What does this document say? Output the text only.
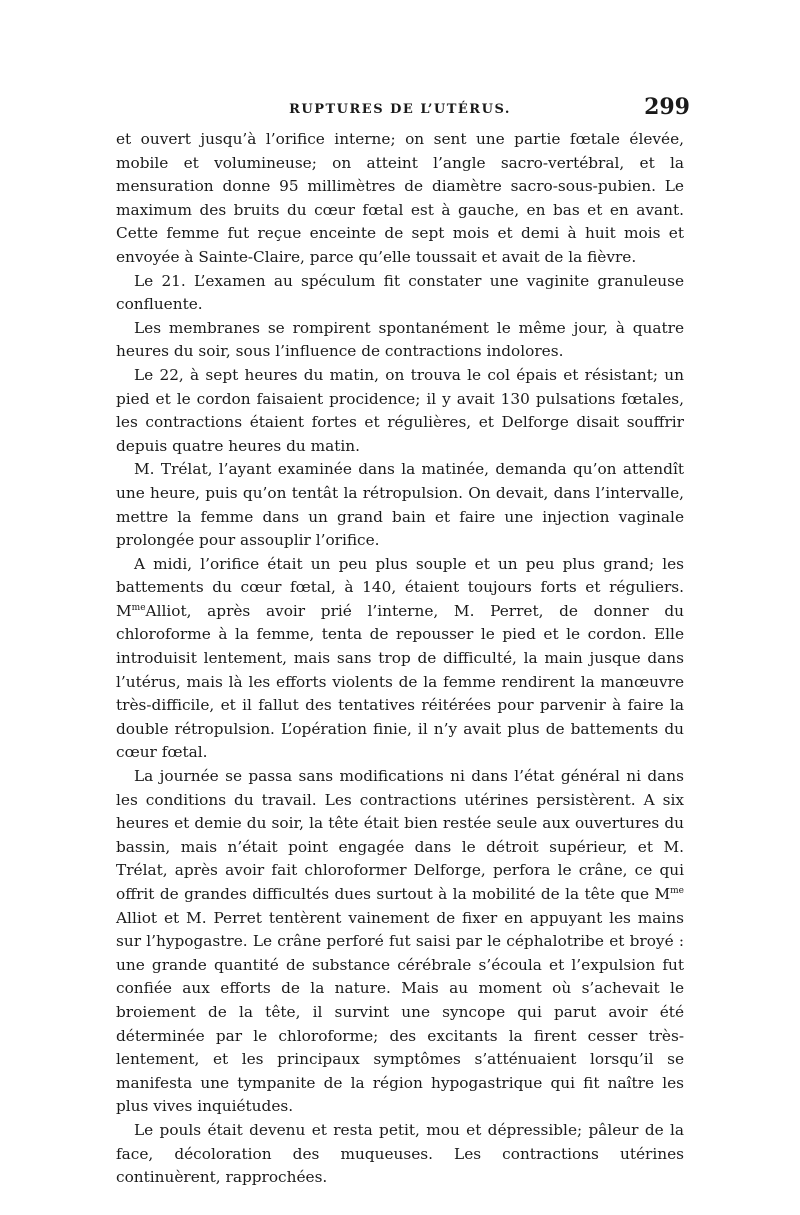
RUPTURES DE L’UTÉRUS.	299

et ouvert jusqu’à l’orifice interne; on sent une partie fœtale élevée, mobile et volumineuse; on atteint l’angle sacro-vertébral, et la mensuration donne 95 millimètres de diamètre sacro-sous-pubien. Le maximum des bruits du cœur fœtal est à gauche, en bas et en avant. Cette femme fut reçue enceinte de sept mois et demi à huit mois et envoyée à Sainte-Claire, parce qu’elle toussait et avait de la fièvre.

Le 21. L’examen au spéculum fit constater une vaginite granuleuse confluente.

Les membranes se rompirent spontanément le même jour, à quatre heures du soir, sous l’influence de contractions indolores.

Le 22, à sept heures du matin, on trouva le col épais et résistant; un pied et le cordon faisaient procidence; il y avait 130 pulsations fœtales, les contractions étaient fortes et régulières, et Delforge disait souffrir depuis quatre heures du matin.

M. Trélat, l’ayant examinée dans la matinée, demanda qu’on attendît une heure, puis qu’on tentât la rétropulsion. On devait, dans l’intervalle, mettre la femme dans un grand bain et faire une injection vaginale prolongée pour assouplir l’orifice.

A midi, l’orifice était un peu plus souple et un peu plus grand; les battements du cœur fœtal, à 140, étaient toujours forts et réguliers. $M^{me}Alliot$, après avoir prié l’interne, M. Perret, de donner du chloroforme à la femme, tenta de repousser le pied et le cordon. Elle introduisit lentement, mais sans trop de difficulté, la main jusque dans l’utérus, mais là les efforts violents de la femme rendirent la manœuvre très-difficile, et il fallut des tentatives réitérées pour parvenir à faire la double rétropulsion. L’opération finie, il n’y avait plus de battements du cœur fœtal.

La journée se passa sans modifications ni dans l’état général ni dans les conditions du travail. Les contractions utérines persistèrent. A six heures et demie du soir, la tête était bien restée seule aux ouvertures du bassin, mais n’était point engagée dans le détroit supérieur, et M. Trélat, après avoir fait chloroformer Delforge, perfora le crâne, ce qui offrit de grandes difficultés dues surtout à la mobilité de la tête que $M^{me}$ Alliot et M. Perret tentèrent vainement de fixer en appuyant les mains sur l’hypogastre. Le crâne perforé fut saisi par le céphalotribe et broyé : une grande quantité de substance cérébrale s’écoula et l’expulsion fut confiée aux efforts de la nature. Mais au moment où s’achevait le broiement de la tête, il survint une syncope qui parut avoir été déterminée par le chloroforme; des excitants la firent cesser très-lentement, et les principaux symptômes s’atténuaient lorsqu’il se manifesta une tympanite de la région hypogastrique qui fit naître les plus vives inquiétudes.

Le pouls était devenu et resta petit, mou et dépressible; pâleur de la face, décoloration des muqueuses. Les contractions utérines continuèrent, rapprochées.
